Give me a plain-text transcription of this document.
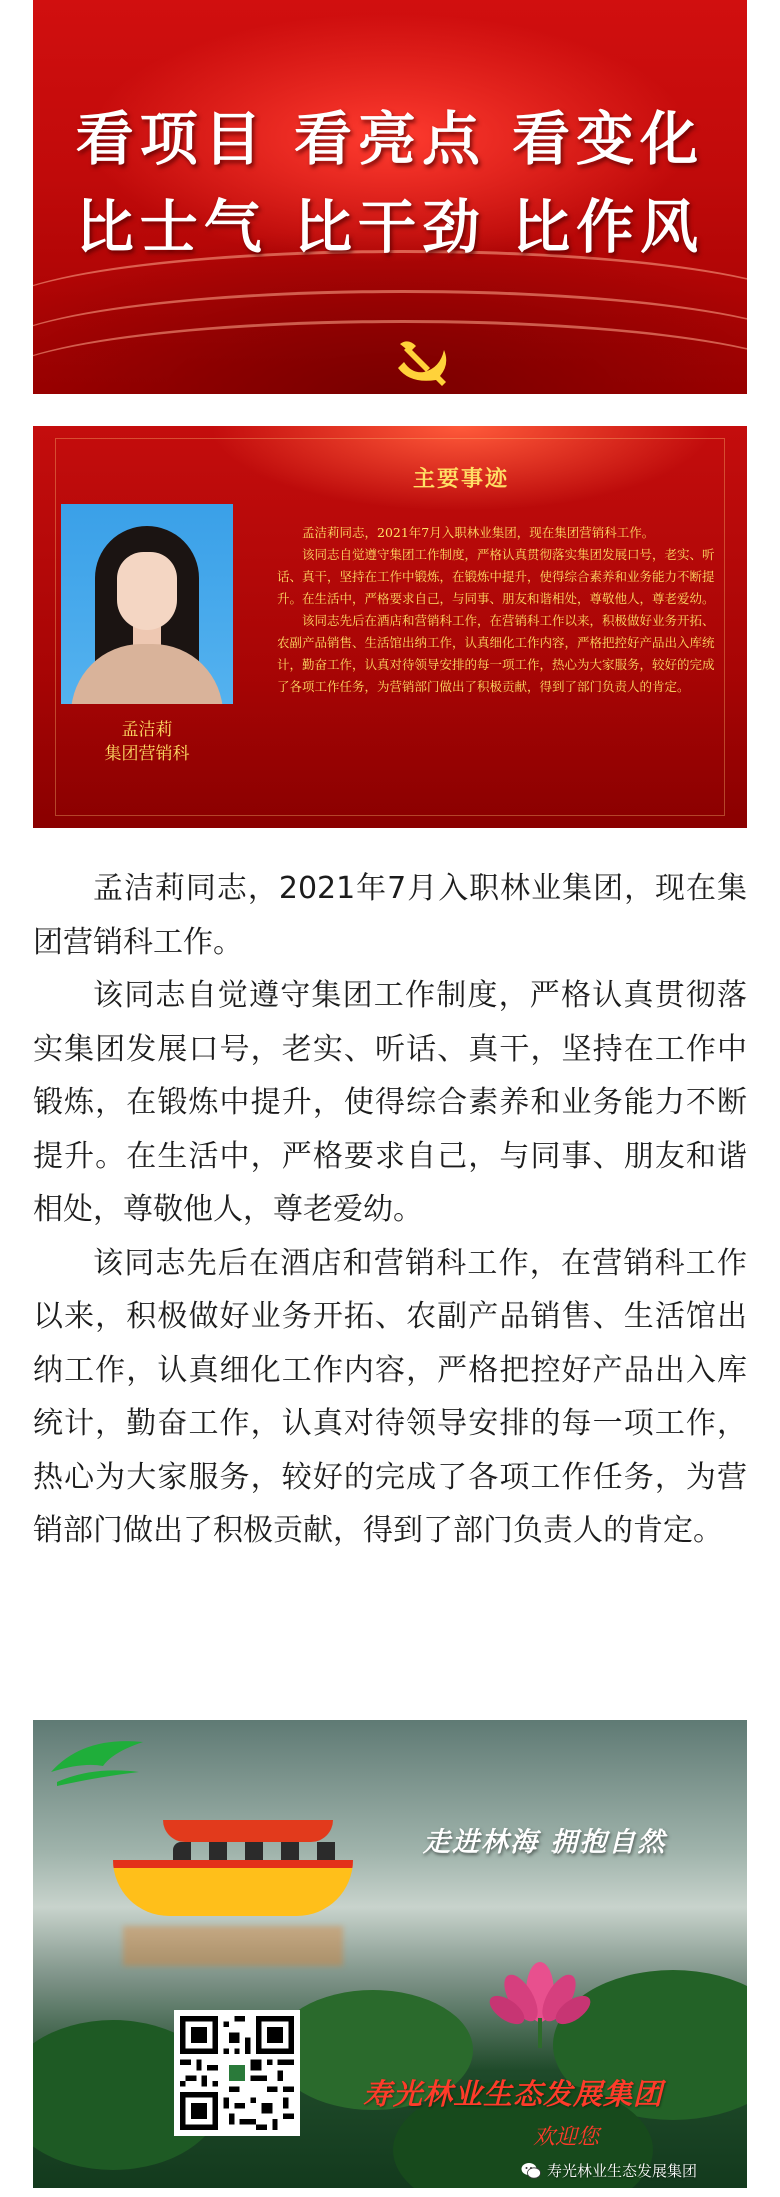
看项目 看亮点 看变化
比士气 比干劲 比作风
主要事迹
孟洁莉
集团营销科

孟洁莉同志，2021年7月入职林业集团，现在集团营销科工作。

该同志自觉遵守集团工作制度，严格认真贯彻落实集团发展口号，老实、听话、真干，坚持在工作中锻炼，在锻炼中提升，使得综合素养和业务能力不断提升。在生活中，严格要求自己，与同事、朋友和谐相处，尊敬他人，尊老爱幼。

该同志先后在酒店和营销科工作，在营销科工作以来，积极做好业务开拓、农副产品销售、生活馆出纳工作，认真细化工作内容，严格把控好产品出入库统计，勤奋工作，认真对待领导安排的每一项工作，热心为大家服务，较好的完成了各项工作任务，为营销部门做出了积极贡献，得到了部门负责人的肯定。

孟洁莉同志，2021年7月入职林业集团，现在集团营销科工作。

该同志自觉遵守集团工作制度，严格认真贯彻落实集团发展口号，老实、听话、真干，坚持在工作中锻炼，在锻炼中提升，使得综合素养和业务能力不断提升。在生活中，严格要求自己，与同事、朋友和谐相处，尊敬他人，尊老爱幼。

该同志先后在酒店和营销科工作，在营销科工作以来，积极做好业务开拓、农副产品销售、生活馆出纳工作，认真细化工作内容，严格把控好产品出入库统计，勤奋工作，认真对待领导安排的每一项工作，热心为大家服务，较好的完成了各项工作任务，为营销部门做出了积极贡献，得到了部门负责人的肯定。

走进林海 拥抱自然
寿光林业生态发展集团
欢迎您
寿光林业生态发展集团
